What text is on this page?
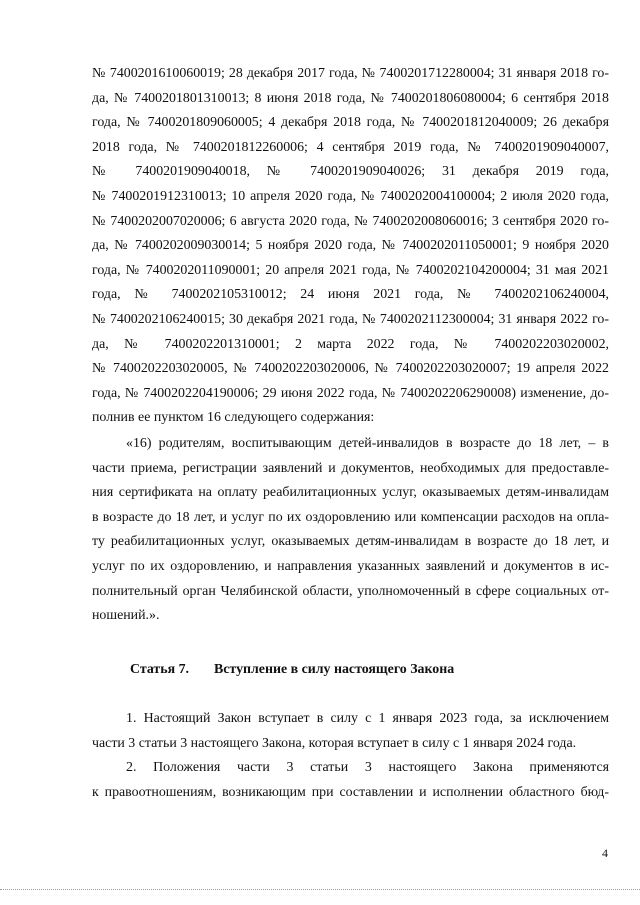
№ 7400201610060019; 28 декабря 2017 года, № 7400201712280004; 31 января 2018 го-
да, № 7400201801310013; 8 июня 2018 года, № 7400201806080004; 6 сентября 2018
года, № 7400201809060005; 4 декабря 2018 года, № 7400201812040009; 26 декабря
2018 года, № 7400201812260006; 4 сентября 2019 года, № 7400201909040007,
№ 7400201909040018, № 7400201909040026; 31 декабря 2019 года,
№ 7400201912310013; 10 апреля 2020 года, № 7400202004100004; 2 июля 2020 года,
№ 7400202007020006; 6 августа 2020 года, № 7400202008060016; 3 сентября 2020 го-
да, № 7400202009030014; 5 ноября 2020 года, № 7400202011050001; 9 ноября 2020
года, № 7400202011090001; 20 апреля 2021 года, № 7400202104200004; 31 мая 2021
года, № 7400202105310012; 24 июня 2021 года, № 7400202106240004,
№ 7400202106240015; 30 декабря 2021 года, № 7400202112300004; 31 января 2022 го-
да, № 7400202201310001; 2 марта 2022 года, № 7400202203020002,
№ 7400202203020005, № 7400202203020006, № 7400202203020007; 19 апреля 2022
года, № 7400202204190006; 29 июня 2022 года, № 7400202206290008) изменение, до-
полнив ее пунктом 16 следующего содержания:
«16) родителям, воспитывающим детей-инвалидов в возрасте до 18 лет, – в
части приема, регистрации заявлений и документов, необходимых для предоставле-
ния сертификата на оплату реабилитационных услуг, оказываемых детям-инвалидам
в возрасте до 18 лет, и услуг по их оздоровлению или компенсации расходов на опла-
ту реабилитационных услуг, оказываемых детям-инвалидам в возрасте до 18 лет, и
услуг по их оздоровлению, и направления указанных заявлений и документов в ис-
полнительный орган Челябинской области, уполномоченный в сфере социальных от-
ношений.».
Статья 7. Вступление в силу настоящего Закона
1. Настоящий Закон вступает в силу с 1 января 2023 года, за исключением
части 3 статьи 3 настоящего Закона, которая вступает в силу с 1 января 2024 года.
2. Положения части 3 статьи 3 настоящего Закона применяются
к правоотношениям, возникающим при составлении и исполнении областного бюд-
4
